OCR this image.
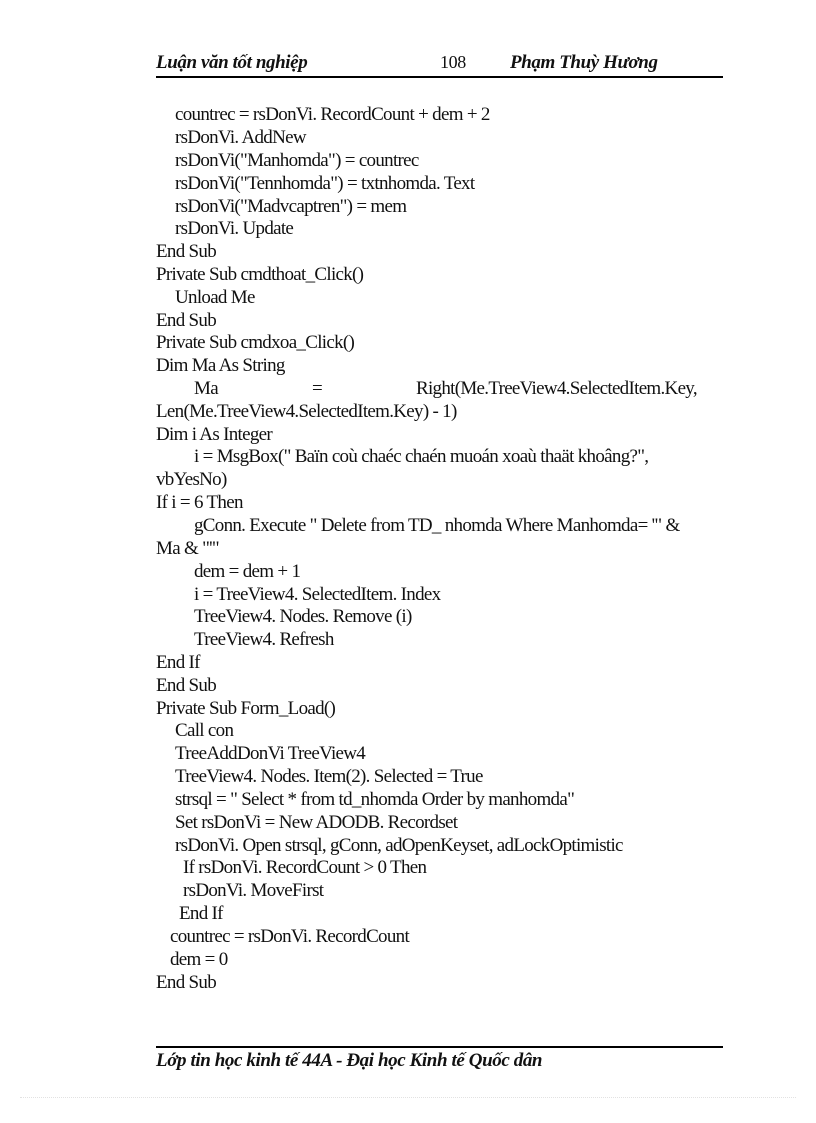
Luận văn tốt nghiệp	108 Phạm Thuỳ Hương
countrec = rsDonVi. RecordCount + dem + 2
rsDonVi. AddNew
rsDonVi("Manhomda") = countrec
rsDonVi("Tennhomda") = txtnhomda. Text
rsDonVi("Madvcaptren") = mem
rsDonVi. Update
End Sub
Private Sub cmdthoat_Click()
Unload Me
End Sub
Private Sub cmdxoa_Click()
Dim Ma As String
Ma	=	Right(Me.TreeView4.SelectedItem.Key,
Len(Me.TreeView4.SelectedItem.Key) - 1)
Dim i As Integer
i = MsgBox(" Baïn coù chaéc chaén muoán xoaù thaät khoâng?",
vbYesNo)
If i = 6 Then
gConn. Execute " Delete from TD_ nhomda Where Manhomda= '" &
Ma & "'"
dem = dem + 1
i = TreeView4. SelectedItem. Index
TreeView4. Nodes. Remove (i)
TreeView4. Refresh
End If
End Sub
Private Sub Form_Load()
Call con
TreeAddDonVi TreeView4
TreeView4. Nodes. Item(2). Selected = True
strsql = " Select * from td_nhomda Order by manhomda"
Set rsDonVi = New ADODB. Recordset
rsDonVi. Open strsql, gConn, adOpenKeyset, adLockOptimistic
If rsDonVi. RecordCount > 0 Then
rsDonVi. MoveFirst
End If
countrec = rsDonVi. RecordCount
dem = 0
End Sub
Lớp tin học kinh tế 44A - Đại học Kinh tế Quốc dân
